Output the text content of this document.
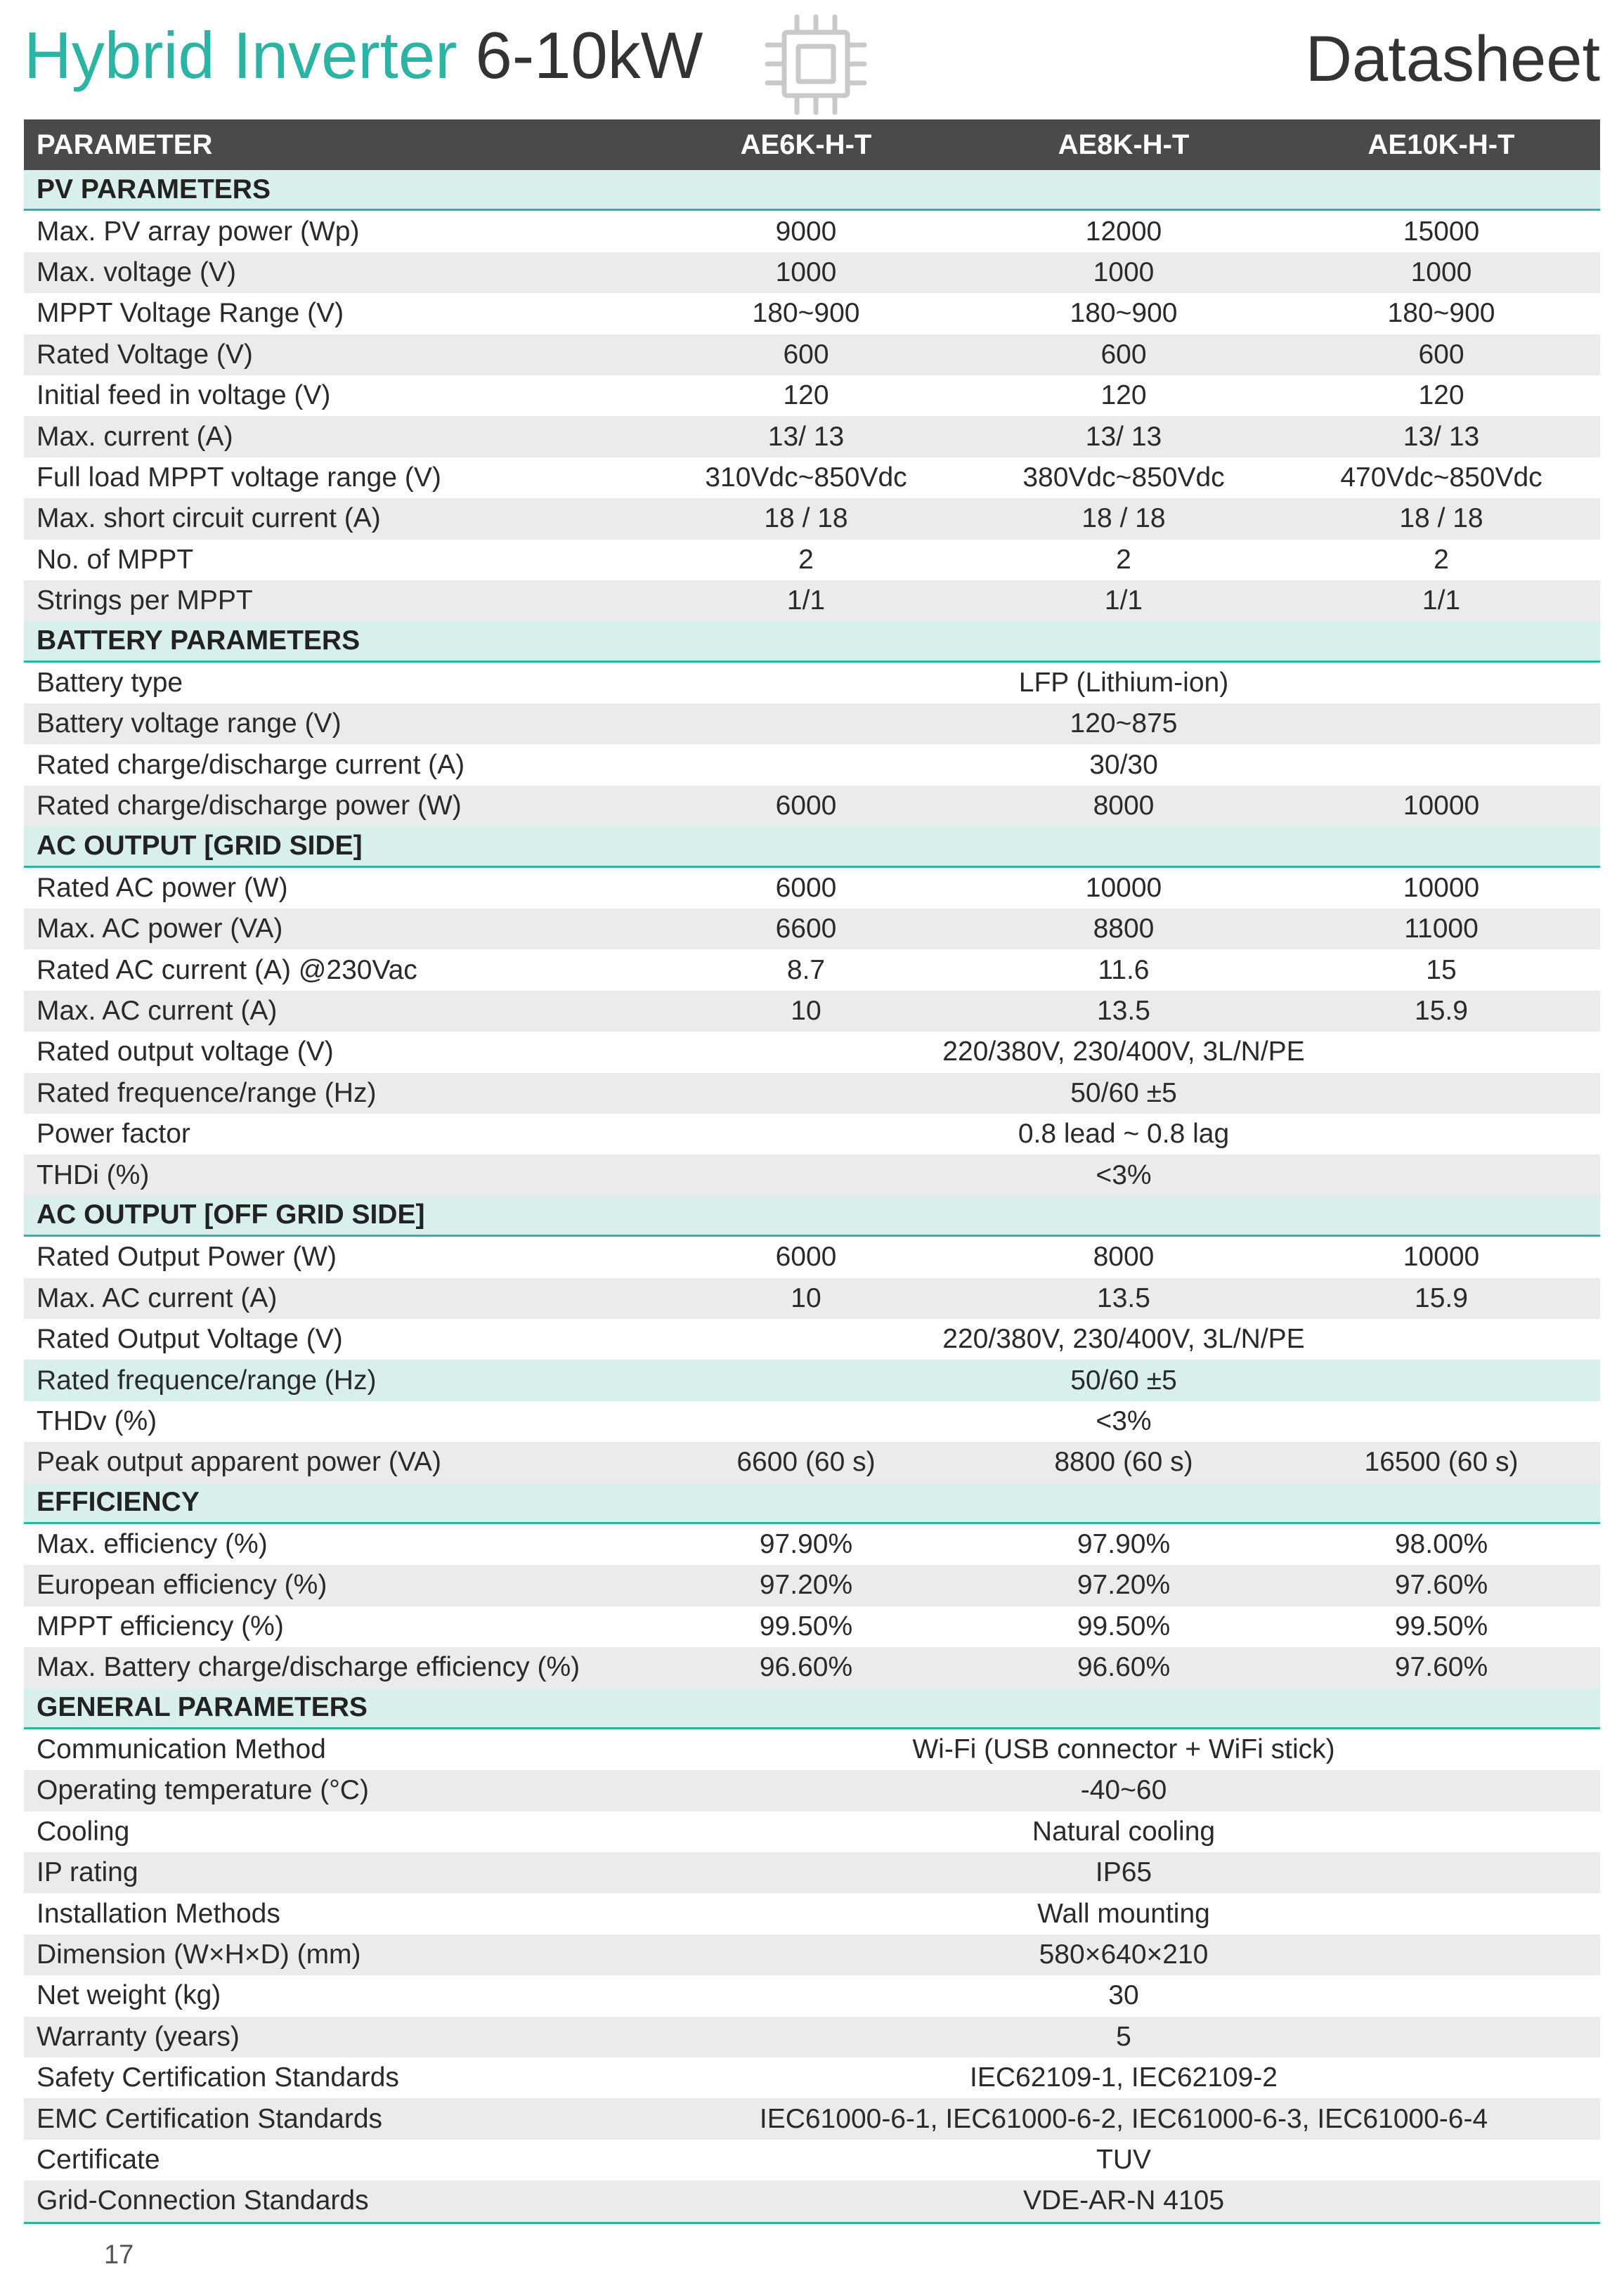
Hybrid Inverter 6-10kW	Datasheet
PARAMETER	AE6K-H-T	AE8K-H-T	AE10K-H-T
PV PARAMETERS
Max. PV array power (Wp)	9000	12000	15000
Max. voltage (V)	1000	1000	1000
MPPT Voltage Range (V)	180~900	180~900	180~900
Rated Voltage (V)	600	600	600
Initial feed in voltage (V)	120	120	120
Max. current (A)	13/ 13	13/ 13	13/ 13
Full load MPPT voltage range (V)	310Vdc~850Vdc	380Vdc~850Vdc	470Vdc~850Vdc
Max. short circuit current (A)	18 / 18	18 / 18	18 / 18
No. of MPPT	2	2	2
Strings per MPPT	1/1	1/1	1/1
BATTERY PARAMETERS
Battery type	LFP (Lithium-ion)
Battery voltage range (V)	120~875
Rated charge/discharge current (A)	30/30
Rated charge/discharge power (W)	6000	8000	10000
AC OUTPUT [GRID SIDE]
Rated AC power (W)	6000	10000	10000
Max. AC power (VA)	6600	8800	11000
Rated AC current (A) @230Vac	8.7	11.6	15
Max. AC current (A)	10	13.5	15.9
Rated output voltage (V)	220/380V, 230/400V, 3L/N/PE
Rated frequence/range (Hz)	50/60 ±5
Power factor	0.8 lead ~ 0.8 lag
THDi (%)	<3%
AC OUTPUT [OFF GRID SIDE]
Rated Output Power (W)	6000	8000	10000
Max. AC current (A)	10	13.5	15.9
Rated Output Voltage (V)	220/380V, 230/400V, 3L/N/PE
Rated frequence/range (Hz)	50/60 ±5
THDv (%)	<3%
Peak output apparent power (VA)	6600 (60 s)	8800 (60 s)	16500 (60 s)
EFFICIENCY
Max. efficiency (%)	97.90%	97.90%	98.00%
European efficiency (%)	97.20%	97.20%	97.60%
MPPT efficiency (%)	99.50%	99.50%	99.50%
Max. Battery charge/discharge efficiency (%)	96.60%	96.60%	97.60%
GENERAL PARAMETERS
Communication Method	Wi-Fi (USB connector + WiFi stick)
Operating temperature (°C)	-40~60
Cooling	Natural cooling
IP rating	IP65
Installation Methods	Wall mounting
Dimension (W×H×D) (mm)	580×640×210
Net weight (kg)	30
Warranty (years)	5
Safety Certification Standards	IEC62109-1, IEC62109-2
EMC Certification Standards	IEC61000-6-1, IEC61000-6-2, IEC61000-6-3, IEC61000-6-4
Certificate	TUV
Grid-Connection Standards	VDE-AR-N 4105
17
